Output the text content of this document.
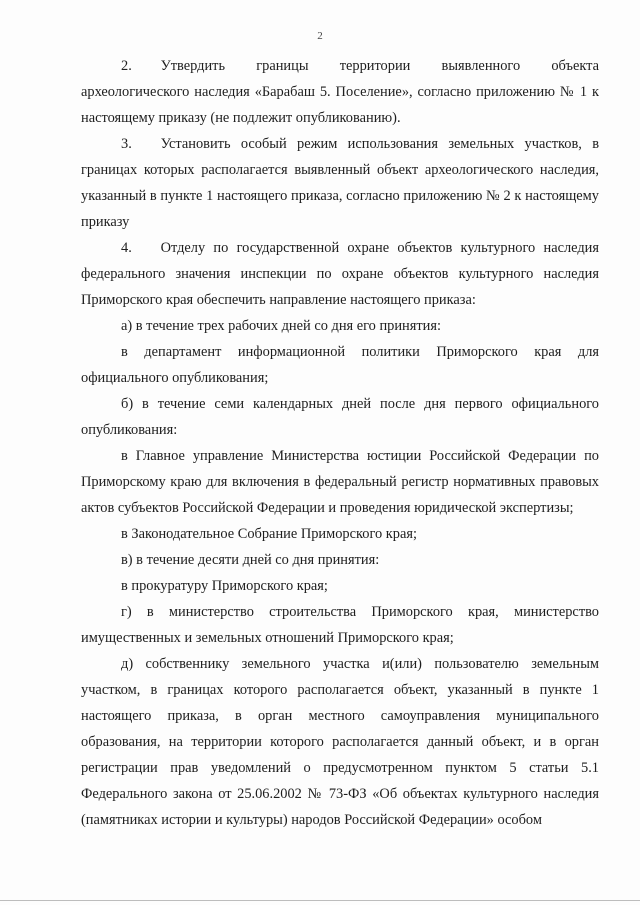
2

2.  Утвердить границы территории выявленного объекта археологического наследия «Барабаш 5. Поселение», согласно приложению № 1 к настоящему приказу (не подлежит опубликованию).

3.  Установить особый режим использования земельных участков, в границах которых располагается выявленный объект археологического наследия, указанный в пункте 1 настоящего приказа, согласно приложению № 2 к настоящему приказу

4.  Отделу по государственной охране объектов культурного наследия федерального значения инспекции по охране объектов культурного наследия Приморского края обеспечить направление настоящего приказа:

а) в течение трех рабочих дней со дня его принятия:

в департамент информационной политики Приморского края для официального опубликования;

б) в течение семи календарных дней после дня первого официального опубликования:

в Главное управление Министерства юстиции Российской Федерации по Приморскому краю для включения в федеральный регистр нормативных правовых актов субъектов Российской Федерации и проведения юридической экспертизы;

в Законодательное Собрание Приморского края;

в) в течение десяти дней со дня принятия:

в прокуратуру Приморского края;

г) в министерство строительства Приморского края, министерство имущественных и земельных отношений Приморского края;

д) собственнику земельного участка и(или) пользователю земельным участком, в границах которого располагается объект, указанный в пункте 1 настоящего приказа, в орган местного самоуправления муниципального образования, на территории которого располагается данный объект, и в орган регистрации прав уведомлений о предусмотренном пунктом 5 статьи 5.1 Федерального закона от 25.06.2002 № 73-ФЗ «Об объектах культурного наследия (памятниках истории и культуры) народов Российской Федерации» особом
